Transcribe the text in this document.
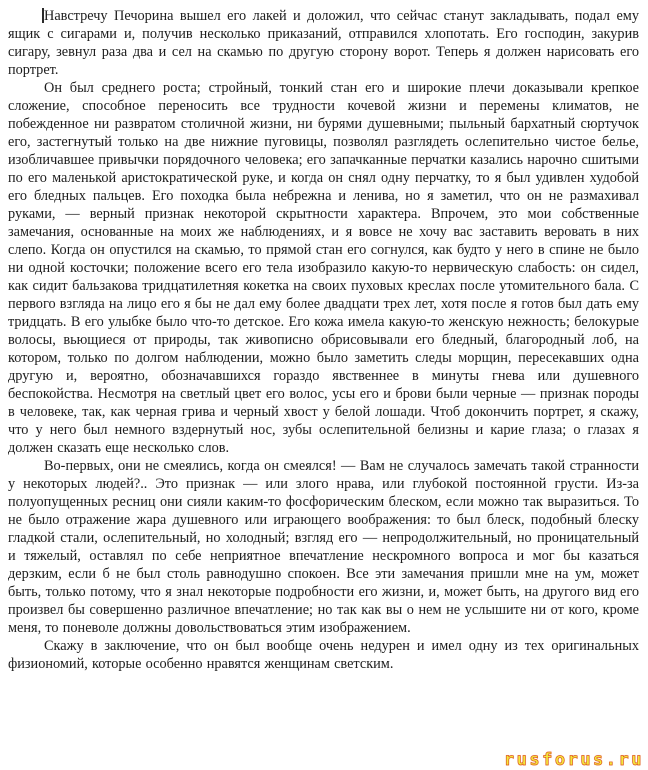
Навстречу Печорина вышел его лакей и доложил, что сейчас станут закладывать, подал ему ящик с сигарами и, получив несколько приказаний, отправился хлопотать. Его господин, закурив сигару, зевнул раза два и сел на скамью по другую сторону ворот. Теперь я должен нарисовать его портрет.

Он был среднего роста; стройный, тонкий стан его и широкие плечи доказывали крепкое сложение, способное переносить все трудности кочевой жизни и перемены климатов, не побежденное ни развратом столичной жизни, ни бурями душевными; пыльный бархатный сюртучок его, застегнутый только на две нижние пуговицы, позволял разглядеть ослепительно чистое белье, изобличавшее привычки порядочного человека; его запачканные перчатки казались нарочно сшитыми по его маленькой аристократической руке, и когда он снял одну перчатку, то я был удивлен худобой его бледных пальцев. Его походка была небрежна и ленива, но я заметил, что он не размахивал руками, — верный признак некоторой скрытности характера. Впрочем, это мои собственные замечания, основанные на моих же наблюдениях, и я вовсе не хочу вас заставить веровать в них слепо. Когда он опустился на скамью, то прямой стан его согнулся, как будто у него в спине не было ни одной косточки; положение всего его тела изобразило какую-то нервическую слабость: он сидел, как сидит бальзакова тридцатилетняя кокетка на своих пуховых креслах после утомительного бала. С первого взгляда на лицо его я бы не дал ему более двадцати трех лет, хотя после я готов был дать ему тридцать. В его улыбке было что-то детское. Его кожа имела какую-то женскую нежность; белокурые волосы, вьющиеся от природы, так живописно обрисовывали его бледный, благородный лоб, на котором, только по долгом наблюдении, можно было заметить следы морщин, пересекавших одна другую и, вероятно, обозначавшихся гораздо явственнее в минуты гнева или душевного беспокойства. Несмотря на светлый цвет его волос, усы его и брови были черные — признак породы в человеке, так, как черная грива и черный хвост у белой лошади. Чтоб докончить портрет, я скажу, что у него был немного вздернутый нос, зубы ослепительной белизны и карие глаза; о глазах я должен сказать еще несколько слов.

Во-первых, они не смеялись, когда он смеялся! — Вам не случалось замечать такой странности у некоторых людей?.. Это признак — или злого нрава, или глубокой постоянной грусти. Из-за полуопущенных ресниц они сияли каким-то фосфорическим блеском, если можно так выразиться. То не было отражение жара душевного или играющего воображения: то был блеск, подобный блеску гладкой стали, ослепительный, но холодный; взгляд его — непродолжительный, но проницательный и тяжелый, оставлял по себе неприятное впечатление нескромного вопроса и мог бы казаться дерзким, если б не был столь равнодушно спокоен. Все эти замечания пришли мне на ум, может быть, только потому, что я знал некоторые подробности его жизни, и, может быть, на другого вид его произвел бы совершенно различное впечатление; но так как вы о нем не услышите ни от кого, кроме меня, то поневоле должны довольствоваться этим изображением.

Скажу в заключение, что он был вообще очень недурен и имел одну из тех оригинальных физиономий, которые особенно нравятся женщинам светским.

rusforus.ru
